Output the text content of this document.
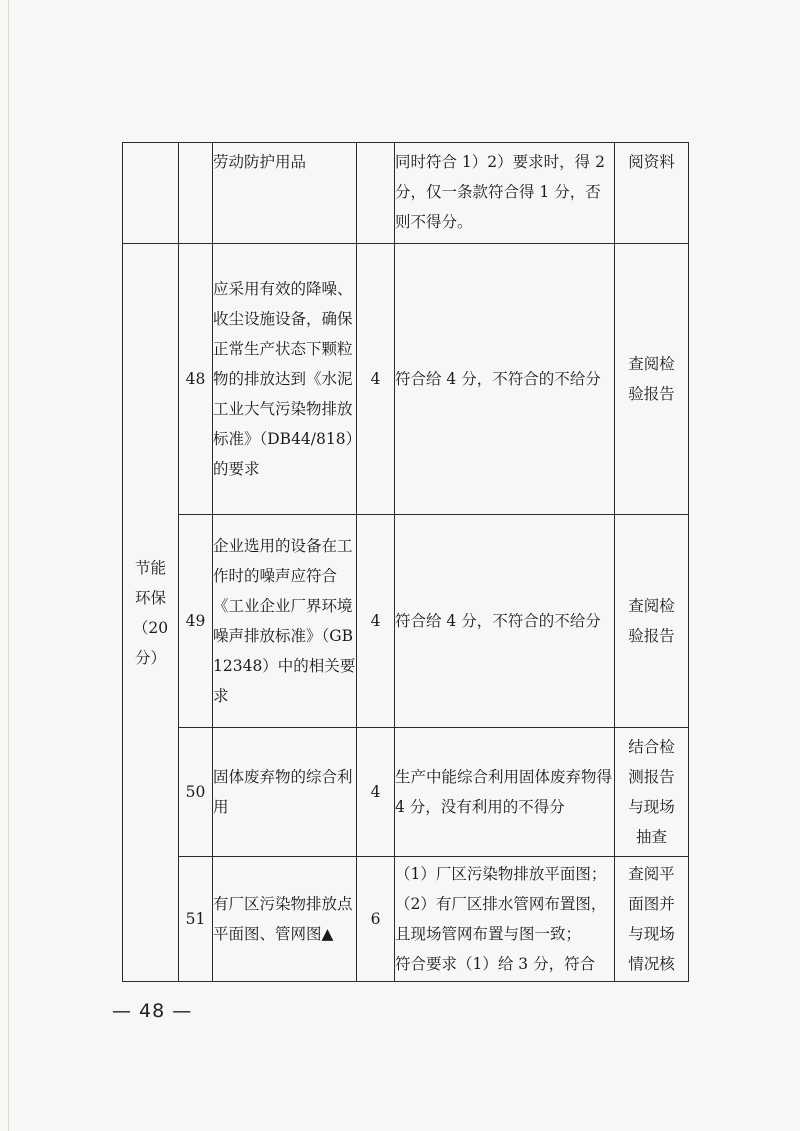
		劳动防护用品		同时符合 1）2）要求时，得 2 分，仅一条款符合得 1 分，否则不得分。	阅资料
节能
环保（20
分）	48	应采用有效的降噪、收尘设施设备，确保正常生产状态下颗粒物的排放达到《水泥工业大气污染物排放标准》（DB44/818）的要求	4	符合给 4 分，不符合的不给分	查阅检
验报告
	49	企业选用的设备在工作时的噪声应符合《工业企业厂界环境噪声排放标准》（GB 12348）中的相关要求	4	符合给 4 分，不符合的不给分	查阅检
验报告
	50	固体废弃物的综合利用	4	生产中能综合利用固体废弃物得 4 分，没有利用的不得分	结合检
测报告
与现场
抽查
	51	有厂区污染物排放点平面图、管网图▲	6	（1）厂区污染物排放平面图；
（2）有厂区排水管网布置图，且现场管网布置与图一致；
符合要求（1）给 3 分，符合	查阅平
面图并
与现场
情况核
— 48 —
